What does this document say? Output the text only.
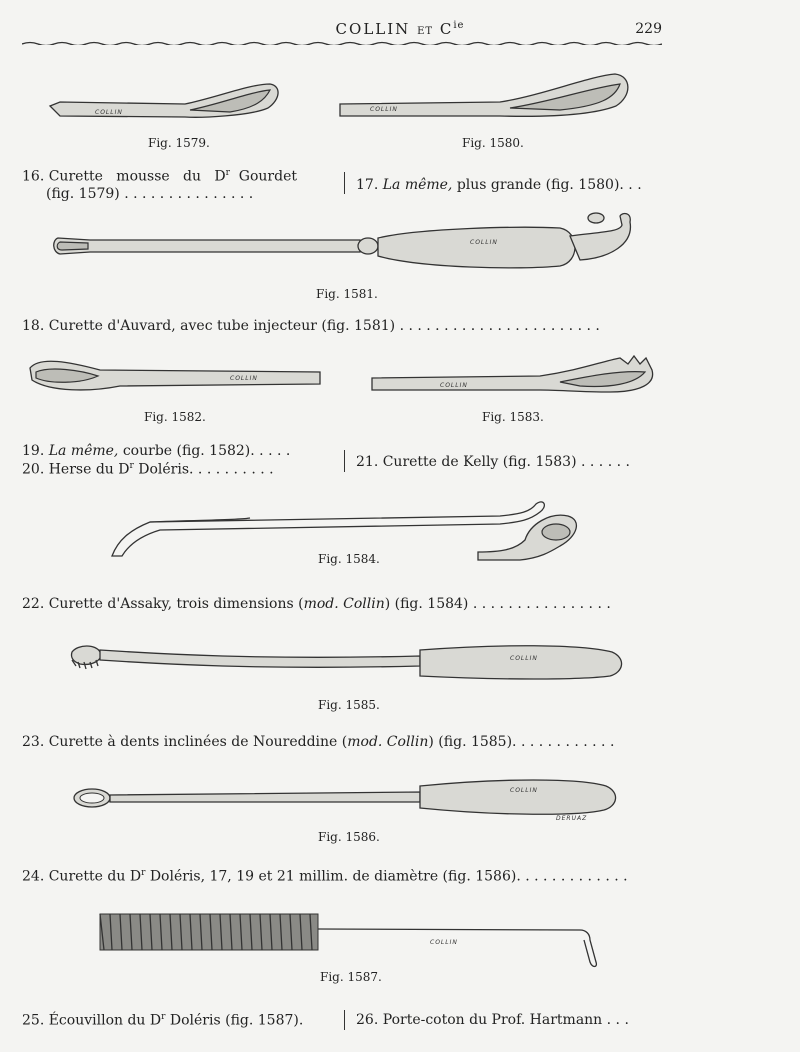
COLLIN ET $C^{ie}$	229
COLLIN	COLLIN
COLLIN
COLLIN
COLLIN
COLLIN
COLLIN
DERUAZ
COLLIN
Fig. 1579.	Fig. 1580.
Fig. 1581.
Fig. 1582.	Fig. 1583.
Fig. 1584.
Fig. 1585.
Fig. 1586.
Fig. 1587.
16. Curette   mousse   du   $D^r$  Gourdet
(fig. 1579) . . . . . . . . . . . . . . .
17. La même, plus grande (fig. 1580). . .
18. Curette d'Auvard, avec tube injecteur (fig. 1581) . . . . . . . . . . . . . . . . . . . . . . .
19. La même, courbe (fig. 1582). . . . .
20. Herse du $D^r$ Doléris. . . . . . . . . .	21. Curette de Kelly (fig. 1583) . . . . . .
22. Curette d'Assaky, trois dimensions (mod. Collin) (fig. 1584) . . . . . . . . . . . . . . . .
23. Curette à dents inclinées de Noureddine (mod. Collin) (fig. 1585). . . . . . . . . . . .
24. Curette du $D^r$ Doléris, 17, 19 et 21 millim. de diamètre (fig. 1586). . . . . . . . . . . . .
25. Écouvillon du $D^r$ Doléris (fig. 1587).	26. Porte-coton du Prof. Hartmann . . .
